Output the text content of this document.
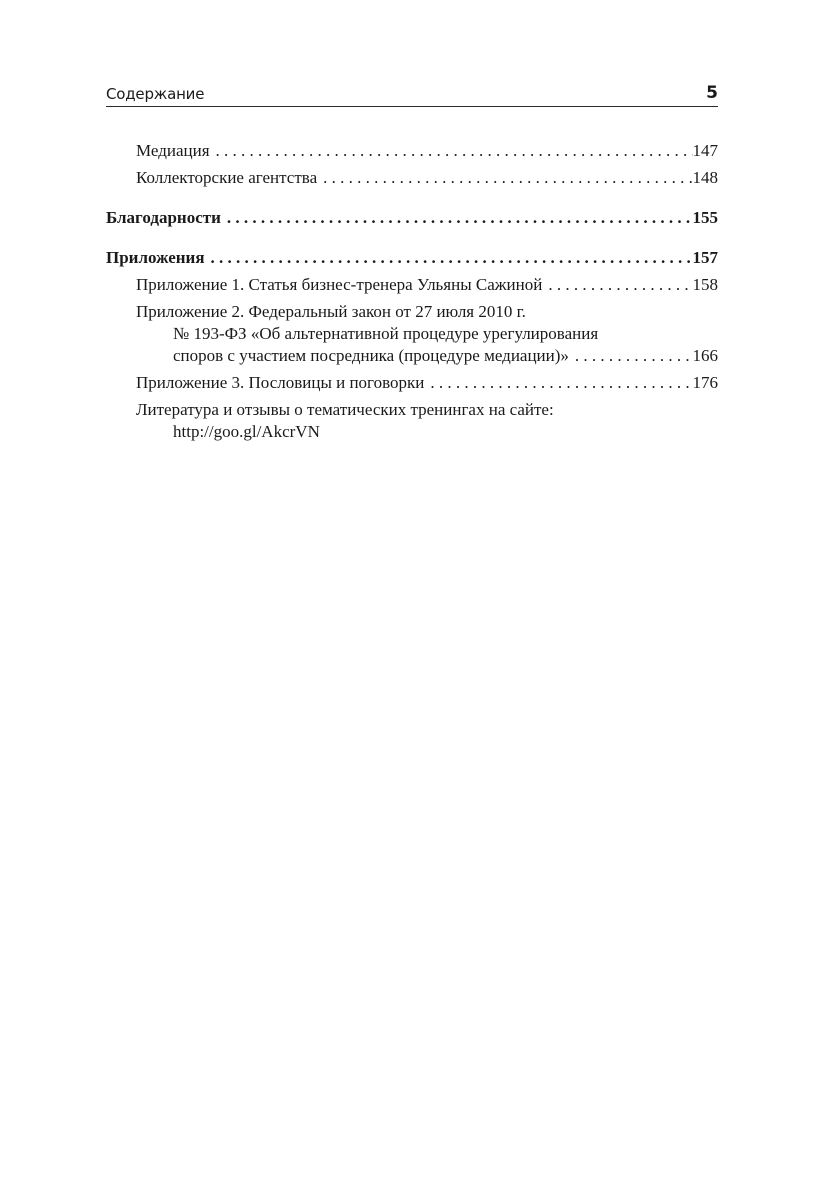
Содержание	5
Медиация . . .	147
Коллекторские агентства . . .	148
Благодарности . . .	155
Приложения . . .	157
Приложение 1. Статья бизнес-тренера Ульяны Сажиной . . .	158
Приложение 2. Федеральный закон от 27 июля 2010 г.
№ 193-ФЗ «Об альтернативной процедуре урегулирования
споров с участием посредника (процедуре медиации)» . . .	166
Приложение 3. Пословицы и поговорки . . .	176
Литература и отзывы о тематических тренингах на сайте:
http://goo.gl/AkcrVN
